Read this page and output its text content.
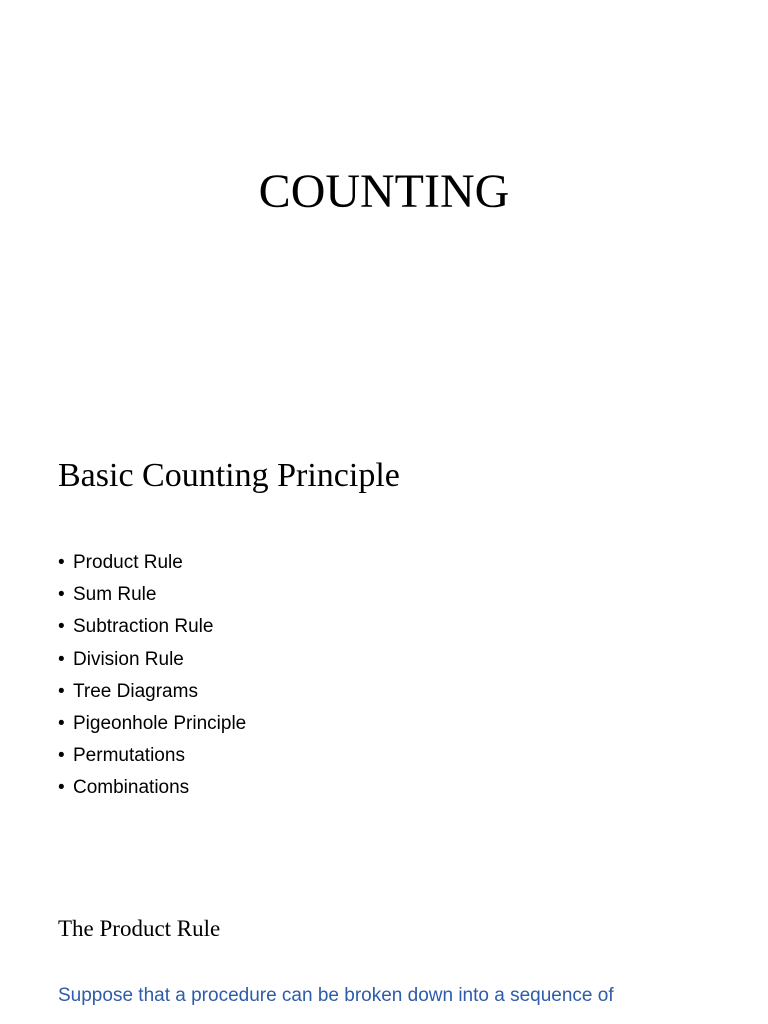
COUNTING
Basic Counting Principle
• Product Rule
• Sum Rule
• Subtraction Rule
• Division Rule
• Tree Diagrams
• Pigeonhole Principle
• Permutations
• Combinations
The Product Rule

Suppose that a procedure can be broken down into a sequence of
